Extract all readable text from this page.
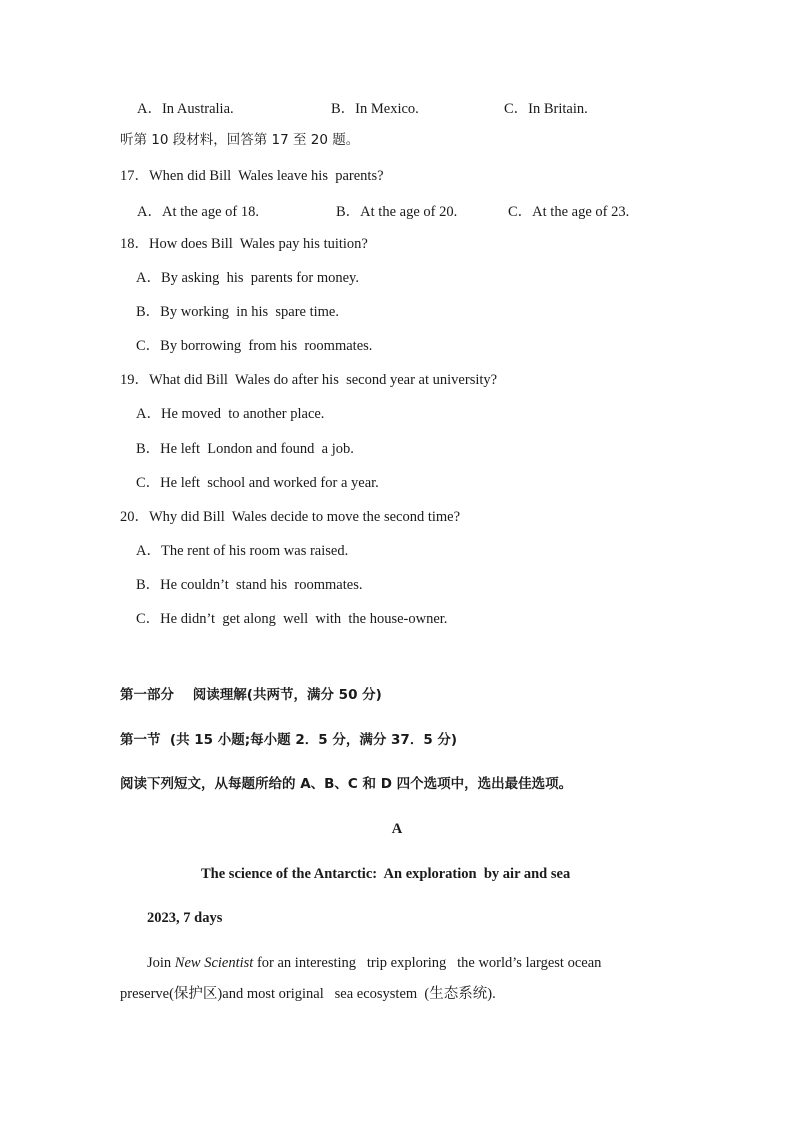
A．In Australia.	B．In Mexico.	C．In Britain.
听第 10 段材料，回答第 17 至 20 题。
17．When did Bill  Wales leave his  parents?
A．At the age of 18.	B．At the age of 20.	C．At the age of 23.
18．How does Bill  Wales pay his tuition?
A．By asking  his  parents for money.
B．By working  in his  spare time.
C．By borrowing  from his  roommates.
19．What did Bill  Wales do after his  second year at university?
A．He moved  to another place.
B．He left  London and found  a job.
C．He left  school and worked for a year.
20．Why did Bill  Wales decide to move the second time?
A．The rent of his room was raised.
B．He couldn’t  stand his  roommates.
C．He didn’t  get along  well  with  the house-owner.
第一部分    阅读理解(共两节，满分 50 分)
第一节  (共 15 小题;每小题 2．5 分，满分 37．5 分)
阅读下列短文，从每题所给的 A、B、C 和 D 四个选项中，选出最佳选项。
A
The science of the Antarctic:  An exploration  by air and sea
2023, 7 days
Join New Scientist for an interesting   trip exploring   the world’s largest ocean
preserve(保护区)and most original   sea ecosystem  (生态系统).
